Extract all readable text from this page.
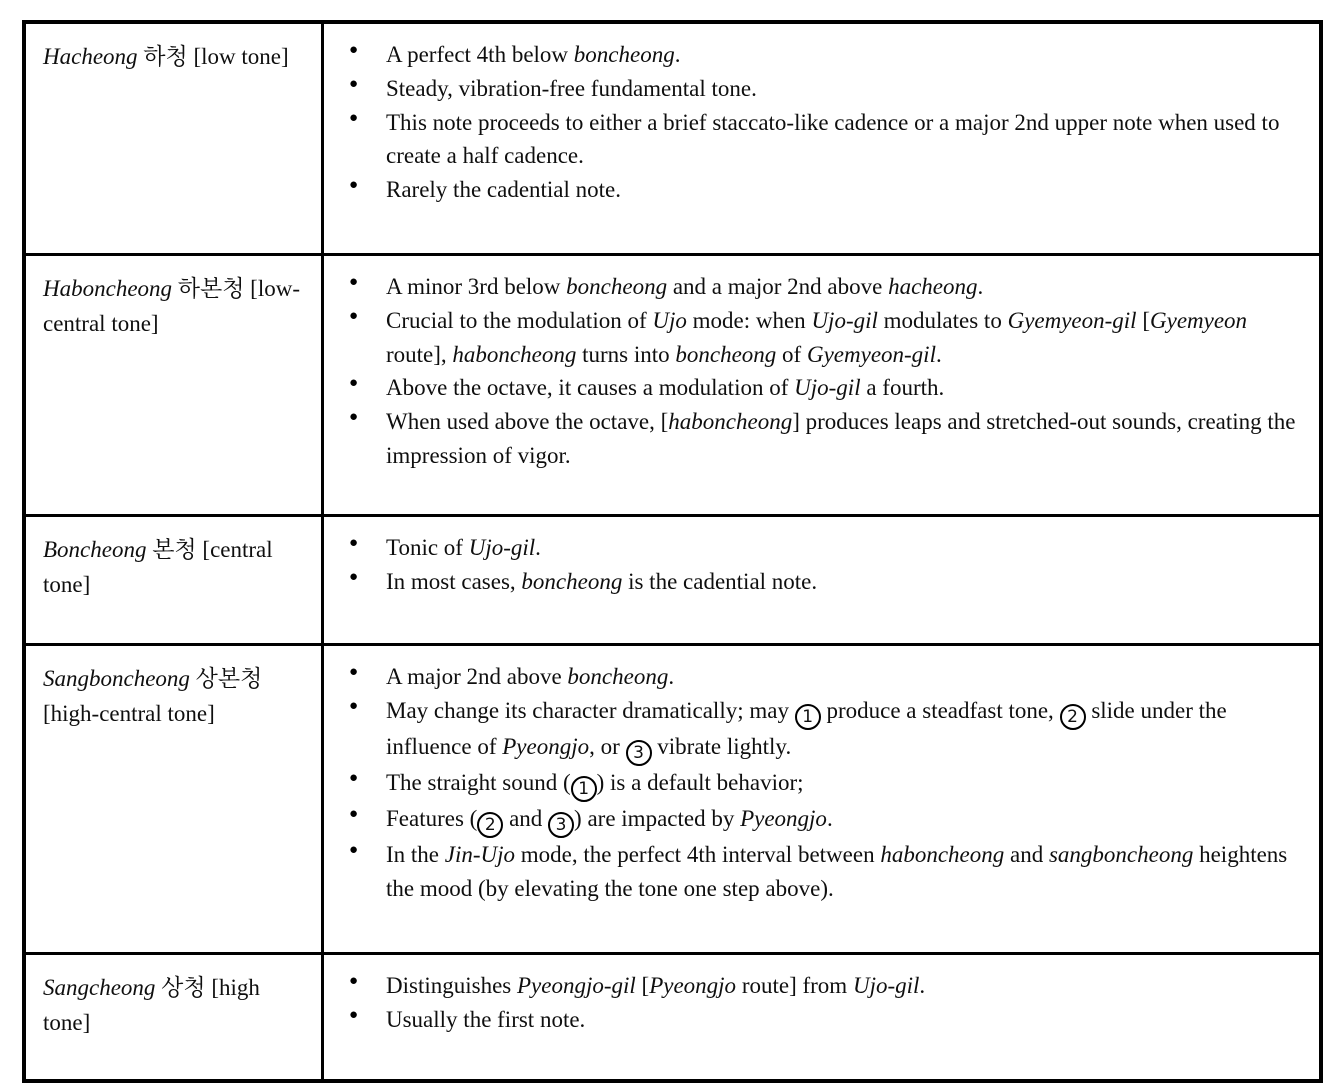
Hacheong 하청 [low tone]	
●A perfect 4th below boncheong.
● Steady, vibration-free fundamental tone.
● This note proceeds to either a brief staccato-like cadence or a major 2nd upper note when used to create a half cadence.
● Rarely the cadential note.

Haboncheong 하본청 [low-central tone]	
● A minor 3rd below boncheong and a major 2nd above hacheong.
● Crucial to the modulation of Ujo mode: when Ujo-gil modulates to Gyemyeon-gil [Gyemyeon route], haboncheong turns into boncheong of Gyemyeon-gil.
● Above the octave, it causes a modulation of Ujo-gil a fourth.
● When used above the octave, [haboncheong] produces leaps and stretched-out sounds, creating the impression of vigor.

Boncheong 본청 [central tone]	
● Tonic of Ujo-gil.
● In most cases, boncheong is the cadential note.

Sangboncheong 상본청 [high-central tone]	
● A major 2nd above boncheong.
● May change its character dramatically; may 1 produce a steadfast tone, 2 slide under the influence of Pyeongjo, or 3 vibrate lightly.
● The straight sound ( 1 ) is a default behavior;
● Features ( 2 and 3 ) are impacted by Pyeongjo.
● In the Jin-Ujo mode, the perfect 4th interval between haboncheong and sangboncheong heightens the mood (by elevating the tone one step above).

Sangcheong 상청 [high tone]	
● Distinguishes Pyeongjo-gil [Pyeongjo route] from Ujo-gil.
● Usually the first note.
